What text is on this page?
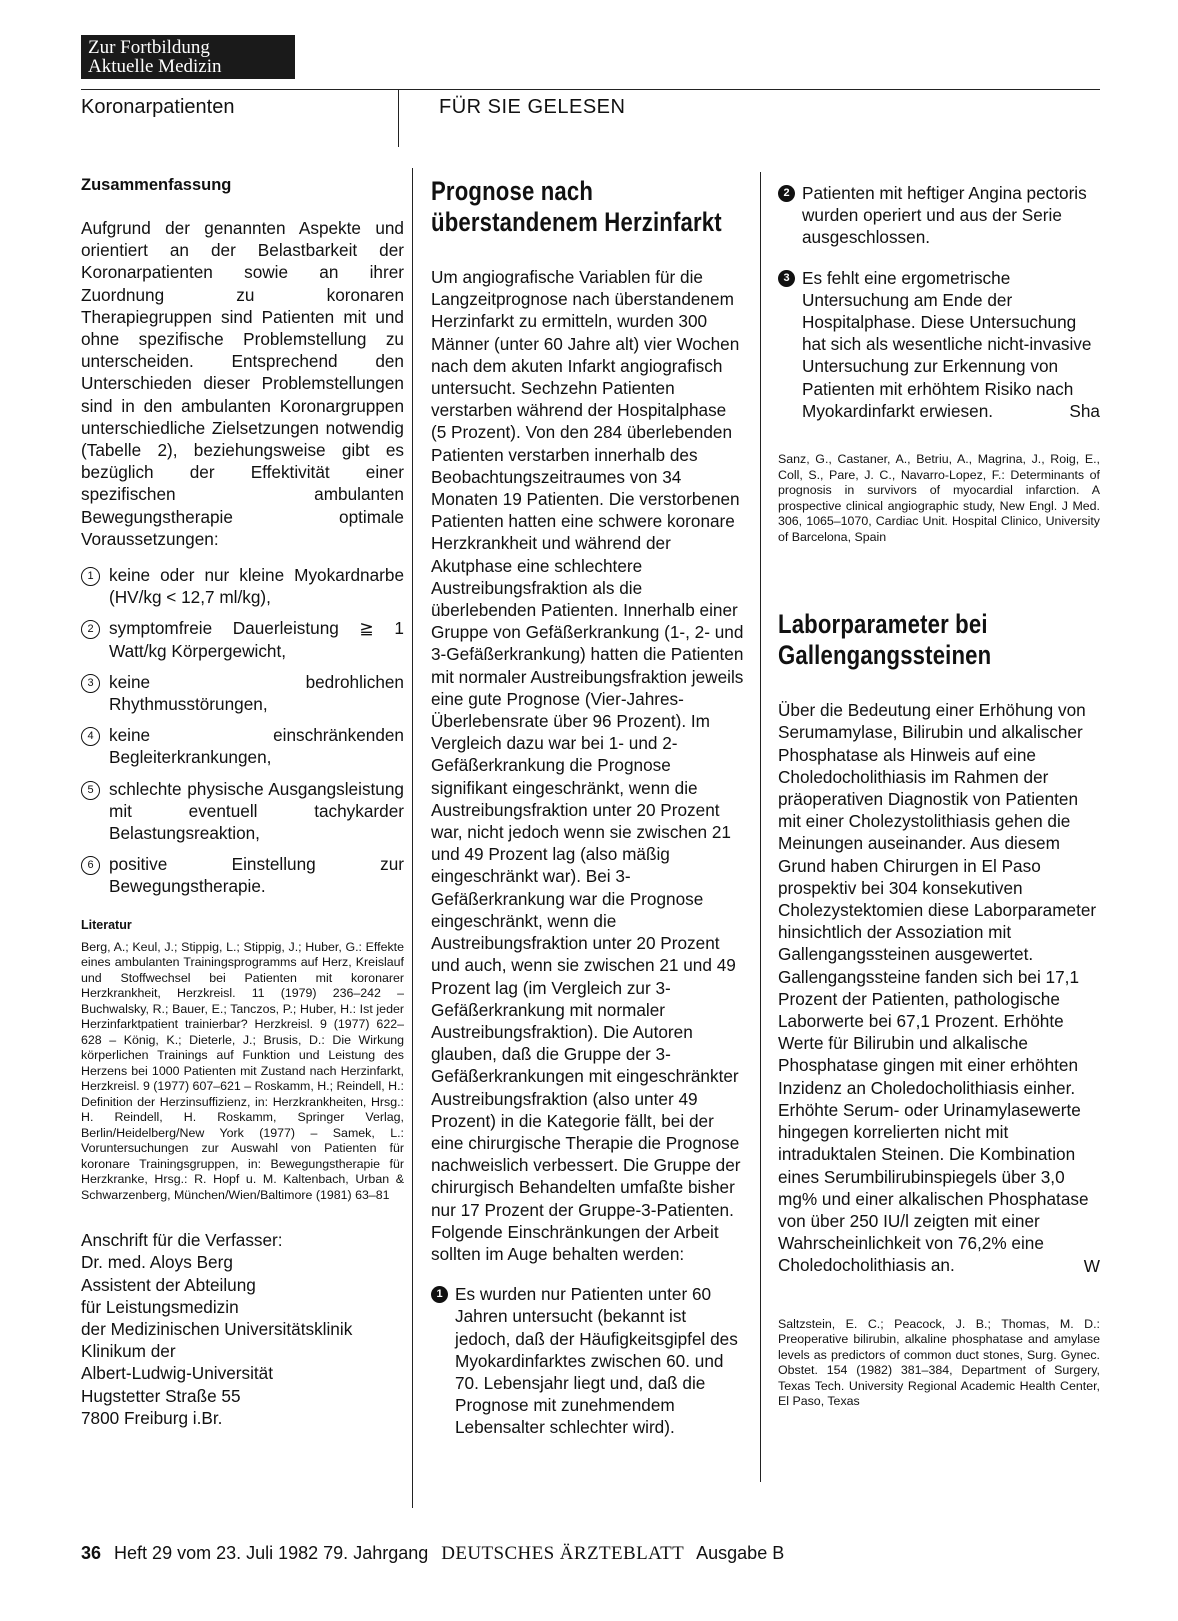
Zur Fortbildung
Aktuelle Medizin
Koronarpatienten	FÜR SIE GELESEN
Zusammenfassung

Aufgrund der genannten Aspekte und orientiert an der Belastbarkeit der Koronarpatienten sowie an ihrer Zuordnung zu koronaren Therapiegruppen sind Patienten mit und ohne spezifische Problemstellung zu unterscheiden. Entsprechend den Unterschieden dieser Problemstellungen sind in den ambulanten Koronargruppen unterschiedliche Zielsetzungen notwendig (Tabelle 2), beziehungsweise gibt es bezüglich der Effektivität einer spezifischen ambulanten Bewegungstherapie optimale Voraussetzungen:

1 keine oder nur kleine Myokardnarbe (HV/kg < 12,7 ml/kg),
2 symptomfreie Dauerleistung ≧ 1 Watt/kg Körpergewicht,
3 keine bedrohlichen Rhythmusstörungen,
4 keine einschränkenden Begleiterkrankungen,
5 schlechte physische Ausgangsleistung mit eventuell tachykarder Belastungsreaktion,
6 positive Einstellung zur Bewegungstherapie.
Literatur

Berg, A.; Keul, J.; Stippig, L.; Stippig, J.; Huber, G.: Effekte eines ambulanten Trainingsprogramms auf Herz, Kreislauf und Stoffwechsel bei Patienten mit koronarer Herzkrankheit, Herzkreisl. 11 (1979) 236–242 – Buchwalsky, R.; Bauer, E.; Tanczos, P.; Huber, H.: Ist jeder Herzinfarktpatient trainierbar? Herzkreisl. 9 (1977) 622–628 – König, K.; Dieterle, J.; Brusis, D.: Die Wirkung körperlichen Trainings auf Funktion und Leistung des Herzens bei 1000 Patienten mit Zustand nach Herzinfarkt, Herzkreisl. 9 (1977) 607–621 – Roskamm, H.; Reindell, H.: Definition der Herzinsuffizienz, in: Herzkrankheiten, Hrsg.: H. Reindell, H. Roskamm, Springer Verlag, Berlin/Heidelberg/New York (1977) – Samek, L.: Voruntersuchungen zur Auswahl von Patienten für koronare Trainingsgruppen, in: Bewegungstherapie für Herzkranke, Hrsg.: R. Hopf u. M. Kaltenbach, Urban & Schwarzenberg, München/Wien/Baltimore (1981) 63–81

Anschrift für die Verfasser:
Dr. med. Aloys Berg
Assistent der Abteilung
für Leistungsmedizin
der Medizinischen Universitätsklinik
Klinikum der
Albert-Ludwig-Universität
Hugstetter Straße 55
7800 Freiburg i.Br.
Prognose nach überstandenem Herzinfarkt

Um angiografische Variablen für die Langzeitprognose nach überstandenem Herzinfarkt zu ermitteln, wurden 300 Männer (unter 60 Jahre alt) vier Wochen nach dem akuten Infarkt angiografisch untersucht. Sechzehn Patienten verstarben während der Hospitalphase (5 Prozent). Von den 284 überlebenden Patienten verstarben innerhalb des Beobachtungszeitraumes von 34 Monaten 19 Patienten. Die verstorbenen Patienten hatten eine schwere koronare Herzkrankheit und während der Akutphase eine schlechtere Austreibungsfraktion als die überlebenden Patienten. Innerhalb einer Gruppe von Gefäßerkrankung (1-, 2- und 3-Gefäßerkrankung) hatten die Patienten mit normaler Austreibungsfraktion jeweils eine gute Prognose (Vier-Jahres-Überlebensrate über 96 Prozent). Im Vergleich dazu war bei 1- und 2-Gefäßerkrankung die Prognose signifikant eingeschränkt, wenn die Austreibungsfraktion unter 20 Prozent war, nicht jedoch wenn sie zwischen 21 und 49 Prozent lag (also mäßig eingeschränkt war). Bei 3-Gefäßerkrankung war die Prognose eingeschränkt, wenn die Austreibungsfraktion unter 20 Prozent und auch, wenn sie zwischen 21 und 49 Prozent lag (im Vergleich zur 3-Gefäßerkrankung mit normaler Austreibungsfraktion). Die Autoren glauben, daß die Gruppe der 3-Gefäßerkrankungen mit eingeschränkter Austreibungsfraktion (also unter 49 Prozent) in die Kategorie fällt, bei der eine chirurgische Therapie die Prognose nachweislich verbessert. Die Gruppe der chirurgisch Behandelten umfaßte bisher nur 17 Prozent der Gruppe-3-Patienten. Folgende Einschränkungen der Arbeit sollten im Auge behalten werden:

1 Es wurden nur Patienten unter 60 Jahren untersucht (bekannt ist jedoch, daß der Häufigkeitsgipfel des Myokardinfarktes zwischen 60. und 70. Lebensjahr liegt und, daß die Prognose mit zunehmendem Lebensalter schlechter wird).
2 Patienten mit heftiger Angina pectoris wurden operiert und aus der Serie ausgeschlossen.
3 Es fehlt eine ergometrische Untersuchung am Ende der Hospitalphase. Diese Untersuchung hat sich als wesentliche nicht-invasive Untersuchung zur Erkennung von Patienten mit erhöhtem Risiko nach Myokardinfarkt erwiesen.	Sha

Sanz, G., Castaner, A., Betriu, A., Magrina, J., Roig, E., Coll, S., Pare, J. C., Navarro-Lopez, F.: Determinants of prognosis in survivors of myocardial infarction. A prospective clinical angiographic study, New Engl. J Med. 306, 1065–1070, Cardiac Unit. Hospital Clinico, University of Barcelona, Spain

Laborparameter bei Gallengangssteinen

Über die Bedeutung einer Erhöhung von Serumamylase, Bilirubin und alkalischer Phosphatase als Hinweis auf eine Choledocholithiasis im Rahmen der präoperativen Diagnostik von Patienten mit einer Cholezystolithiasis gehen die Meinungen auseinander. Aus diesem Grund haben Chirurgen in El Paso prospektiv bei 304 konsekutiven Cholezystektomien diese Laborparameter hinsichtlich der Assoziation mit Gallengangssteinen ausgewertet. Gallengangssteine fanden sich bei 17,1 Prozent der Patienten, pathologische Laborwerte bei 67,1 Prozent. Erhöhte Werte für Bilirubin und alkalische Phosphatase gingen mit einer erhöhten Inzidenz an Choledocholithiasis einher. Erhöhte Serum- oder Urinamylasewerte hingegen korrelierten nicht mit intraduktalen Steinen. Die Kombination eines Serumbilirubinspiegels über 3,0 mg% und einer alkalischen Phosphatase von über 250 IU/l zeigten mit einer Wahrscheinlichkeit von 76,2% eine Choledocholithiasis an.	W

Saltzstein, E. C.; Peacock, J. B.; Thomas, M. D.: Preoperative bilirubin, alkaline phosphatase and amylase levels as predictors of common duct stones, Surg. Gynec. Obstet. 154 (1982) 381–384, Department of Surgery, Texas Tech. University Regional Academic Health Center, El Paso, Texas

36 Heft 29 vom 23. Juli 1982 79. Jahrgang DEUTSCHES ÄRZTEBLATT Ausgabe B
